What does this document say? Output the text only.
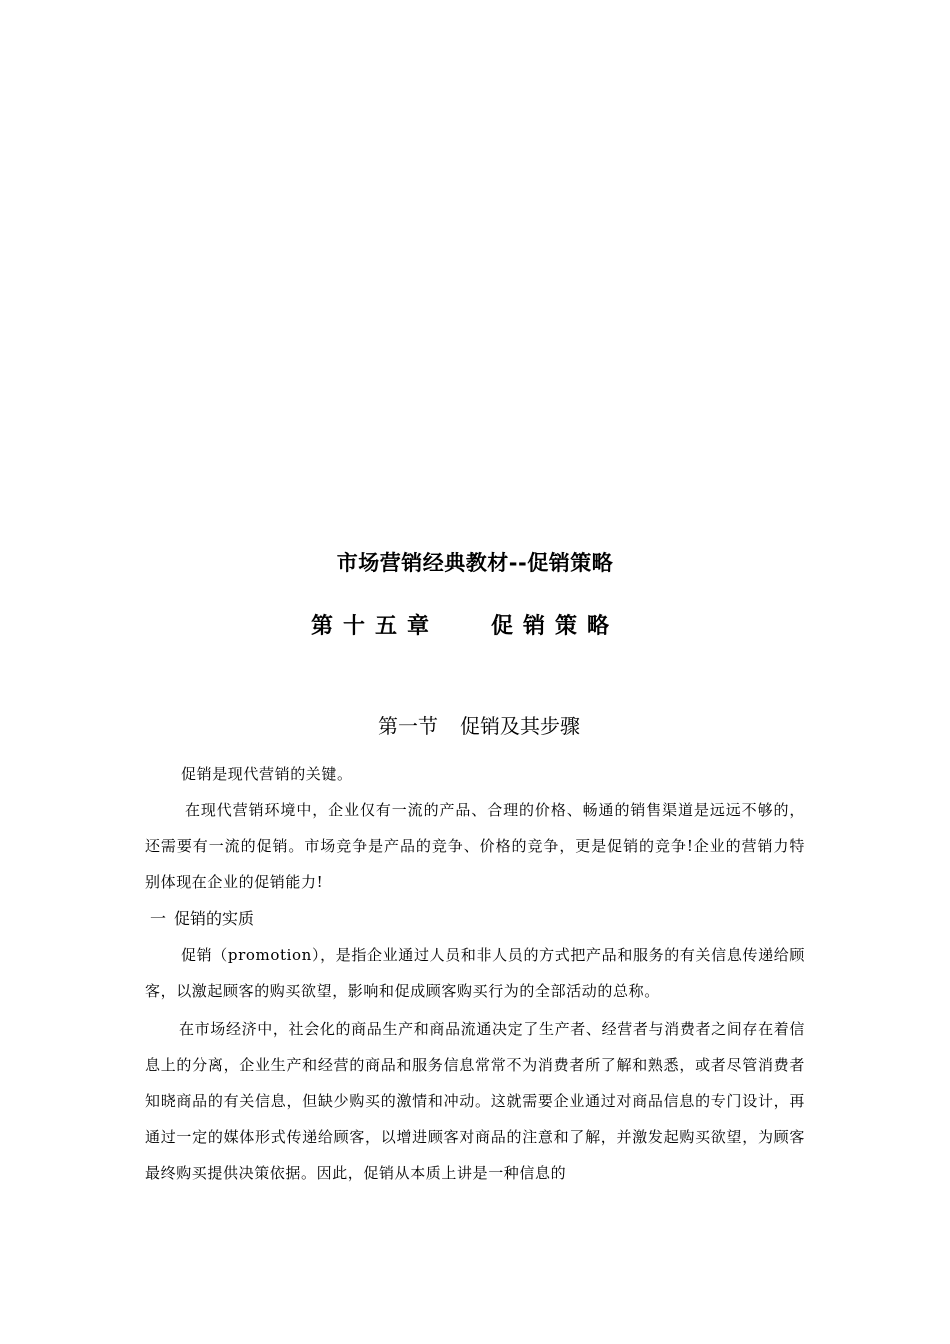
市场营销经典教材--促销策略
第十五章 促销策略
第一节 促销及其步骤

促销是现代营销的关键。

在现代营销环境中，企业仅有一流的产品、合理的价格、畅通的销售渠道是远远不够的，还需要有一流的促销。市场竞争是产品的竞争、价格的竞争，更是促销的竞争!企业的营销力特别体现在企业的促销能力!

一 促销的实质

促销（promotion），是指企业通过人员和非人员的方式把产品和服务的有关信息传递给顾客，以激起顾客的购买欲望，影响和促成顾客购买行为的全部活动的总称。

在市场经济中，社会化的商品生产和商品流通决定了生产者、经营者与消费者之间存在着信息上的分离，企业生产和经营的商品和服务信息常常不为消费者所了解和熟悉，或者尽管消费者知晓商品的有关信息，但缺少购买的激情和冲动。这就需要企业通过对商品信息的专门设计，再通过一定的媒体形式传递给顾客，以增进顾客对商品的注意和了解，并激发起购买欲望，为顾客最终购买提供决策依据。因此，促销从本质上讲是一种信息的
